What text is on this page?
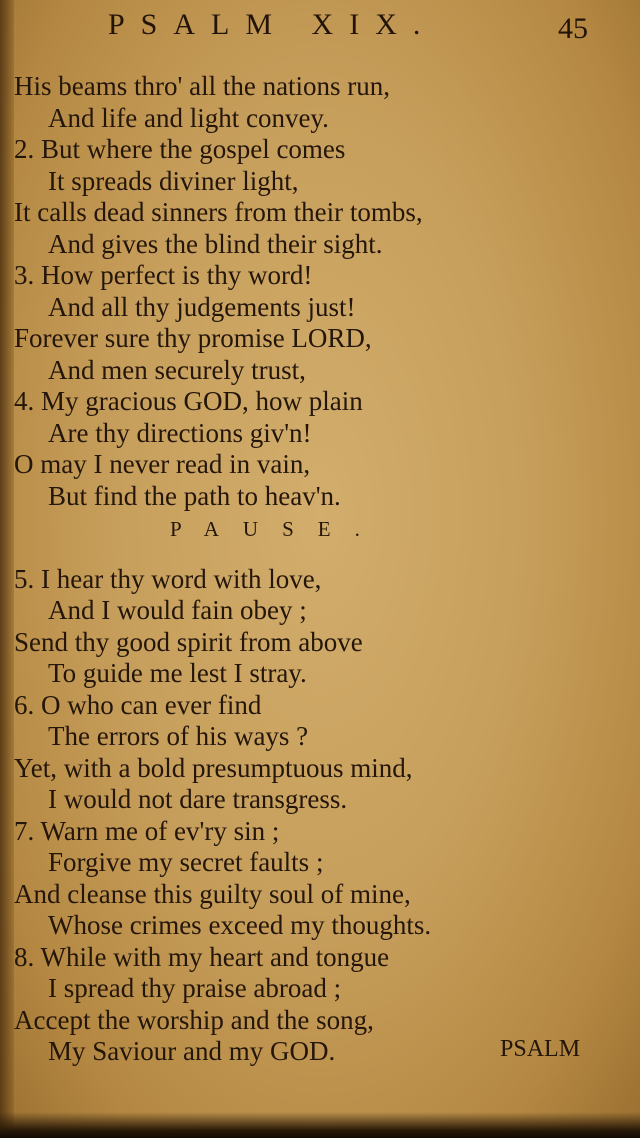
PSALM XIX.	45
His beams thro' all the nations run,
And life and light convey.
2. But where the gospel comes
It spreads diviner light,
It calls dead sinners from their tombs,
And gives the blind their sight.
3. How perfect is thy word!
And all thy judgements just!
Forever sure thy promise LORD,
And men securely trust,
4. My gracious GOD, how plain
Are thy directions giv'n!
O may I never read in vain,
But find the path to heav'n.
PAUSE.
5. I hear thy word with love,
And I would fain obey ;
Send thy good spirit from above
To guide me lest I stray.
6. O who can ever find
The errors of his ways ?
Yet, with a bold presumptuous mind,
I would not dare transgress.
7. Warn me of ev'ry sin ;
Forgive my secret faults ;
And cleanse this guilty soul of mine,
Whose crimes exceed my thoughts.
8. While with my heart and tongue
I spread thy praise abroad ;
Accept the worship and the song,
My Saviour and my GOD.	PSALM
